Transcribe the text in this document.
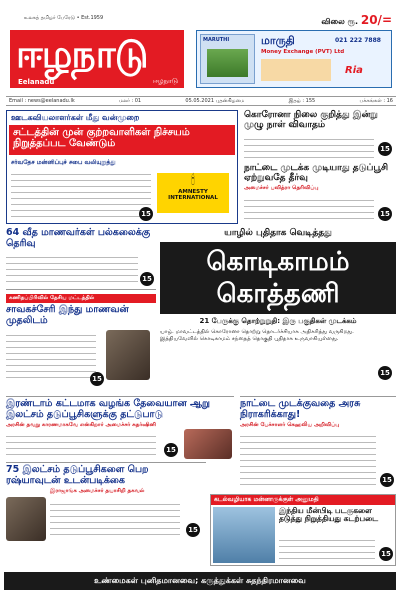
உலகத் தமிழர் பேரேடு • Est.1959
ஈழநாடு
Eelanadu	ஈழநாடு
விலை ரூ. 20/=
MARUTHI	மாருதி
Money Exchange (PVT) Ltd
021 222 7888
Ria
Email : news@eelanadu.lk	மலர் : 01	05.05.2021 புதன்கிழமை	இதழ் : 155	பக்கங்கள் : 16
ஊடகவியலாளர்கள் மீது வன்முறை
சட்டத்தின் முன் குற்றவாளிகள் நிச்சயம் நிறுத்தப்பட வேண்டும்
சர்வதேச மன்னிப்புச் சபை வலியுறுத்து
🕯
AMNESTY INTERNATIONAL
15
கொரோனா நிலை குறித்து இன்று முழு நாள் விவாதம்
15
நாட்டை முடக்க முடியாது தடுப்பூசி ஏற்றுவதே தீர்வு
அமைச்சர் பவித்ரா தெரிவிப்பு
15
64 வீத மாணவர்கள் பல்கலைக்கு தெரிவு
15
கணிதப்பிரிவில் தேசிய மட்டத்தில்
சாவகச்சேரி இந்து மாணவன் முதலிடம்
15
யாழில் புதிதாக வெடித்தது
கொடிகாமம்
கொத்தணி
21 பேருக்கு தொற்றுறுதி: இரு பகுதிகள் முடக்கம்
யாழ். மாவட்டத்தில் கொரோனா தொற்று தொடர்ச்சியாக அதிகரித்து வருகிறது. இத்தியவேளில் கொடிகாமம் சந்தைத் தொகுதி புதிதாக உருவாகியுள்ளது.
15
இரண்டாம் கட்டமாக வழங்க தேவையான ஆறு இலட்சம் தடுப்பூசிகளுக்கு தட்டுபாடு
அரசின் தவறு காரணமாகவே என்கிறார் அமைச்சர் சுதர்ஷினி
15
நாட்டை முடக்குவதை அரசு நிராகரிக்காது!
அரசின் பேச்சாளர் கெஹலிய அறிவிப்பு
15
75 இலட்சம் தடுப்பூசிகளை பெற ரஷ்யாவுடன் உடன்படிக்கை
இராஜாங்க அமைச்சர் தயாசிறி தகவல்
15
கடல்வழியாக மன்னாருக்குள் அனுமதி
இந்திய மீன்பிடி படகுகளை தடுத்து நிறுத்தியது கடற்படை
15
உண்மைகள் புனிதமானவை; கருத்துக்கள் சுதந்திரமானவை
